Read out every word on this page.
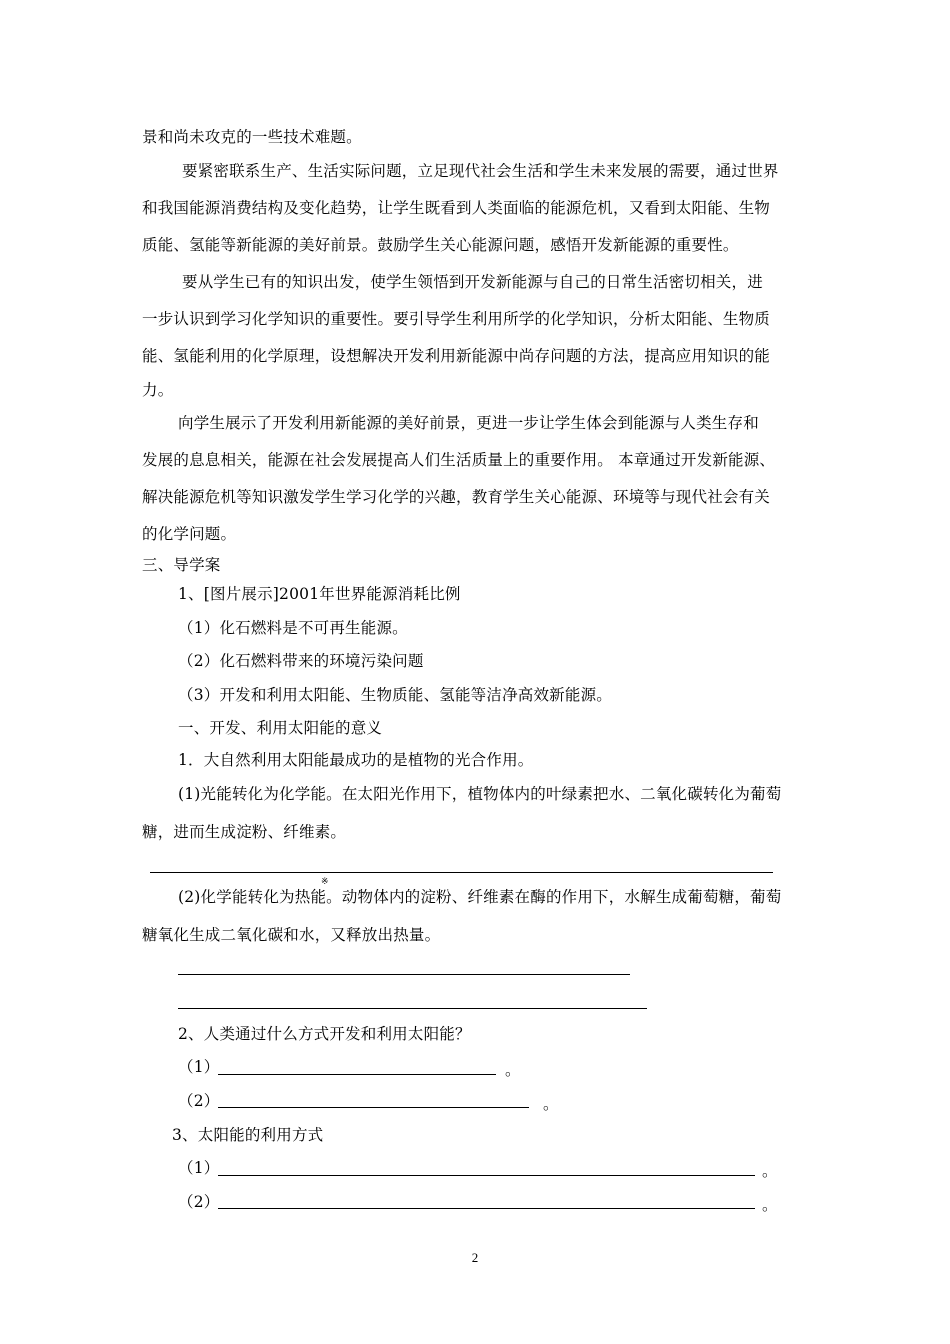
景和尚未攻克的一些技术难题。
要紧密联系生产、生活实际问题，立足现代社会生活和学生未来发展的需要，通过世界
和我国能源消费结构及变化趋势，让学生既看到人类面临的能源危机，又看到太阳能、生物
质能、氢能等新能源的美好前景。鼓励学生关心能源问题，感悟开发新能源的重要性。
要从学生已有的知识出发，使学生领悟到开发新能源与自己的日常生活密切相关，进
一步认识到学习化学知识的重要性。要引导学生利用所学的化学知识，分析太阳能、生物质
能、氢能利用的化学原理，设想解决开发利用新能源中尚存问题的方法，提高应用知识的能
力。
向学生展示了开发利用新能源的美好前景，更进一步让学生体会到能源与人类生存和
发展的息息相关，能源在社会发展提高人们生活质量上的重要作用。 本章通过开发新能源、
解决能源危机等知识激发学生学习化学的兴趣，教育学生关心能源、环境等与现代社会有关
的化学问题。
三、导学案
1、[图片展示]2001年世界能源消耗比例
（1）化石燃料是不可再生能源。
（2）化石燃料带来的环境污染问题
（3）开发和利用太阳能、生物质能、氢能等洁净高效新能源。
一、开发、利用太阳能的意义
1．大自然利用太阳能最成功的是植物的光合作用。
(1)光能转化为化学能。在太阳光作用下，植物体内的叶绿素把水、二氧化碳转化为葡萄
糖，进而生成淀粉、纤维素。
※
(2)化学能转化为热能。动物体内的淀粉、纤维素在酶的作用下，水解生成葡萄糖，葡萄
糖氧化生成二氧化碳和水，又释放出热量。
2、人类通过什么方式开发和利用太阳能？
（1）	。
（2）	。
3、太阳能的利用方式
（1）	。
（2）	。
2
